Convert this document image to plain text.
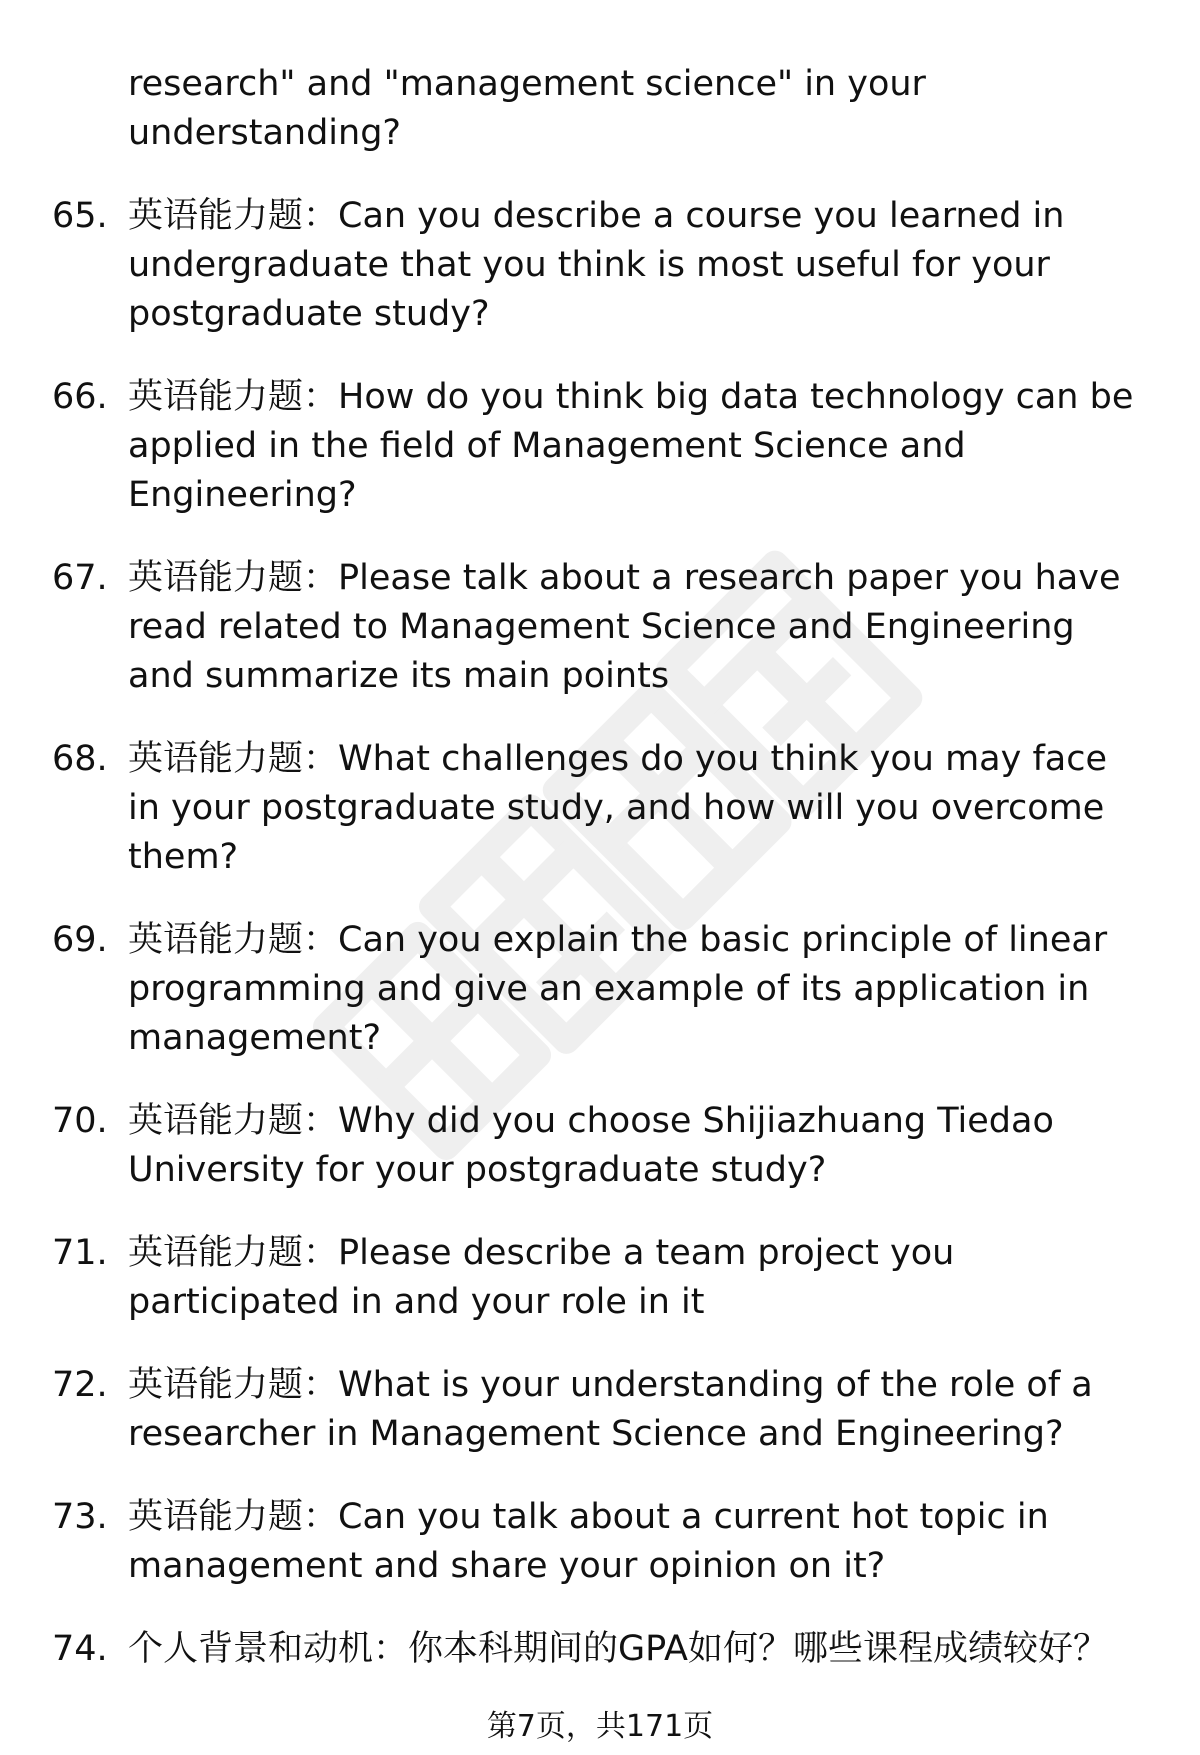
research" and "management science" in your understanding?
65. 英语能力题：Can you describe a course you learned in undergraduate that you think is most useful for your postgraduate study?
66. 英语能力题：How do you think big data technology can be applied in the field of Management Science and Engineering?
67. 英语能力题：Please talk about a research paper you have read related to Management Science and Engineering and summarize its main points
68. 英语能力题：What challenges do you think you may face in your postgraduate study, and how will you overcome them?
69. 英语能力题：Can you explain the basic principle of linear programming and give an example of its application in management?
70. 英语能力题：Why did you choose Shijiazhuang Tiedao University for your postgraduate study?
71. 英语能力题：Please describe a team project you participated in and your role in it
72. 英语能力题：What is your understanding of the role of a researcher in Management Science and Engineering?
73. 英语能力题：Can you talk about a current hot topic in management and share your opinion on it?
74. 个人背景和动机：你本科期间的GPA如何？哪些课程成绩较好？
第7页，共171页
